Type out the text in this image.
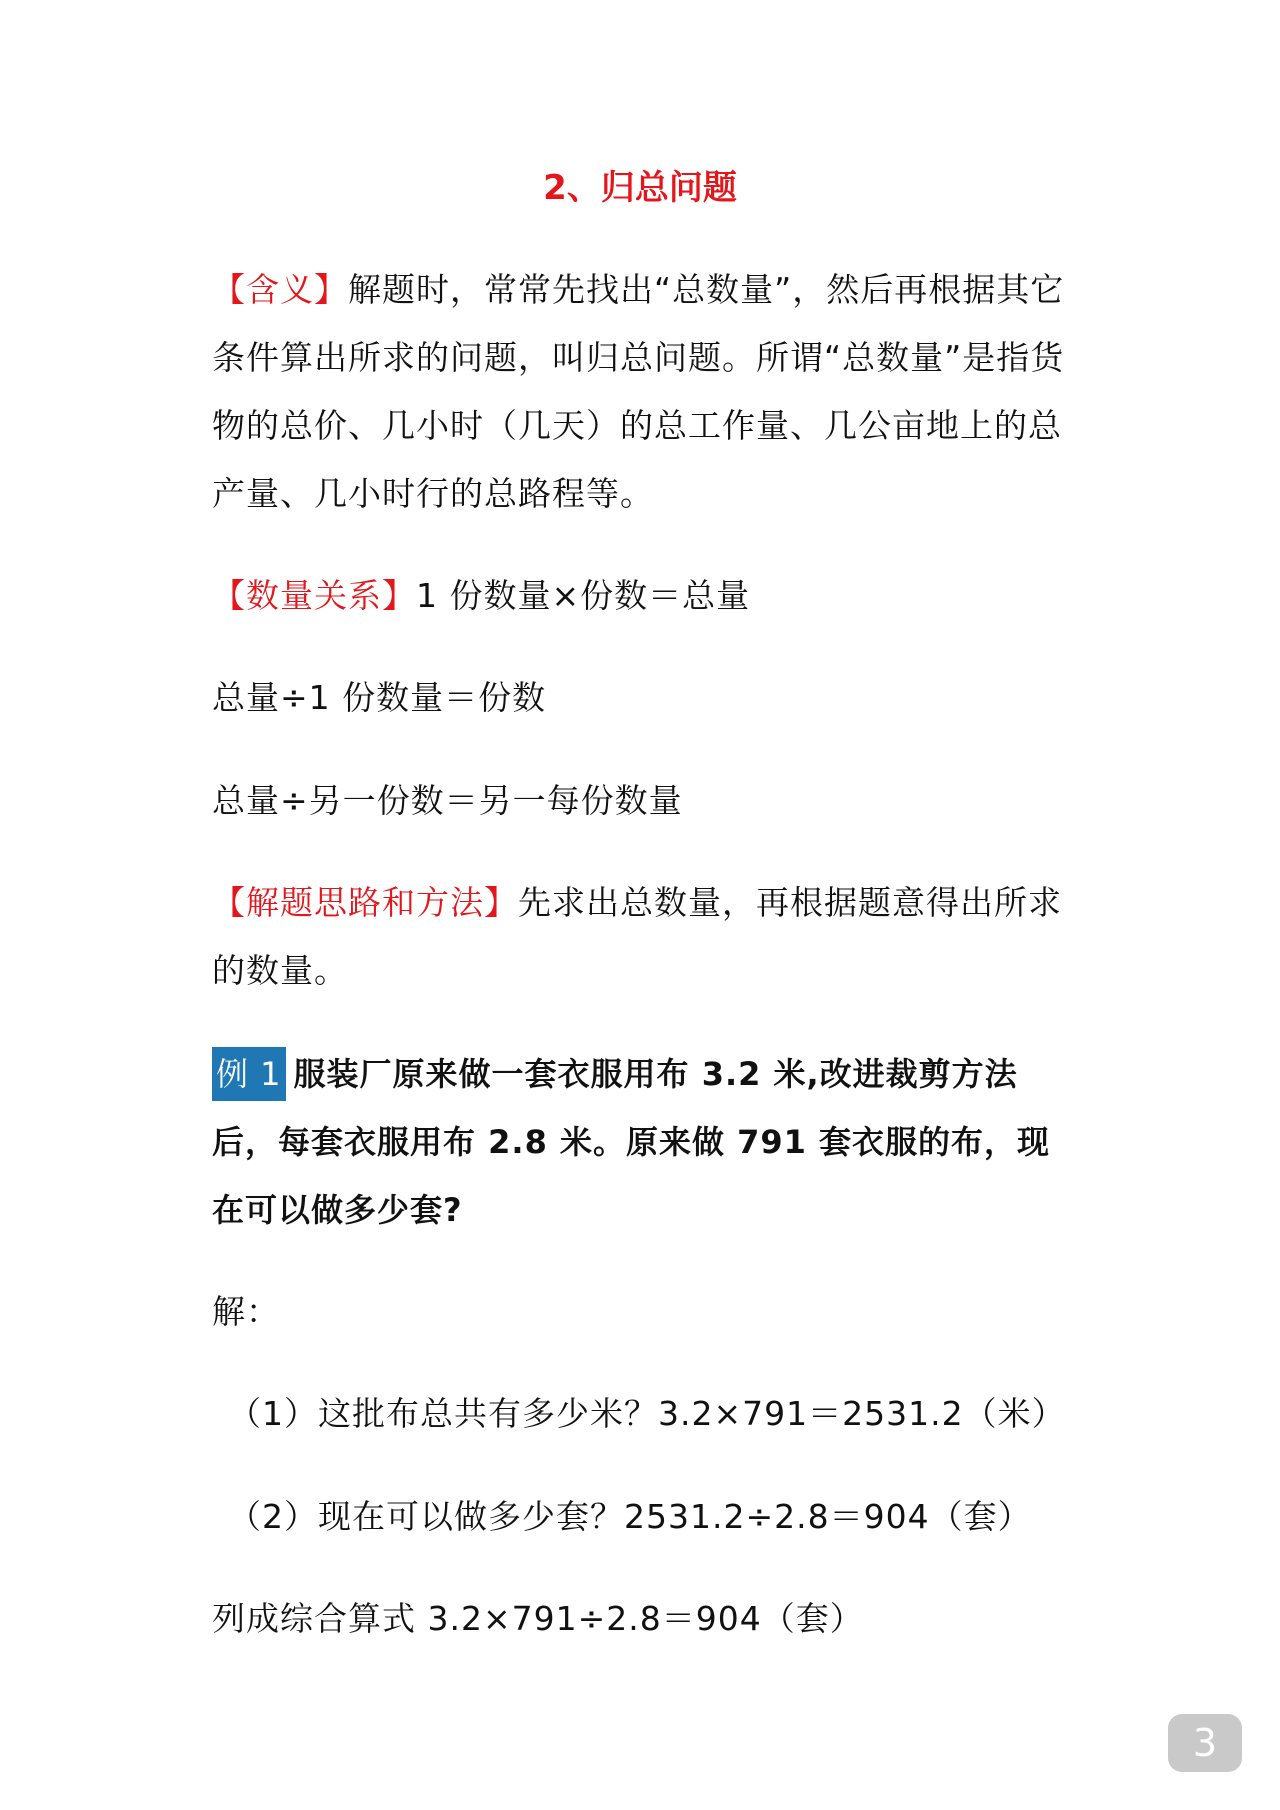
2、归总问题
【含义】解题时，常常先找出“总数量”，然后再根据其它条件算出所求的问题，叫归总问题。所谓“总数量”是指货物的总价、几小时（几天）的总工作量、几公亩地上的总产量、几小时行的总路程等。
【数量关系】1 份数量×份数＝总量
总量÷1 份数量＝份数
总量÷另一份数＝另一每份数量
【解题思路和方法】先求出总数量，再根据题意得出所求的数量。
例 1 服装厂原来做一套衣服用布 3.2 米,改进裁剪方法后，每套衣服用布 2.8 米。原来做 791 套衣服的布，现在可以做多少套?
解：
（1）这批布总共有多少米？3.2×791＝2531.2（米）
（2）现在可以做多少套？2531.2÷2.8＝904（套）
列成综合算式 3.2×791÷2.8＝904（套）
3
